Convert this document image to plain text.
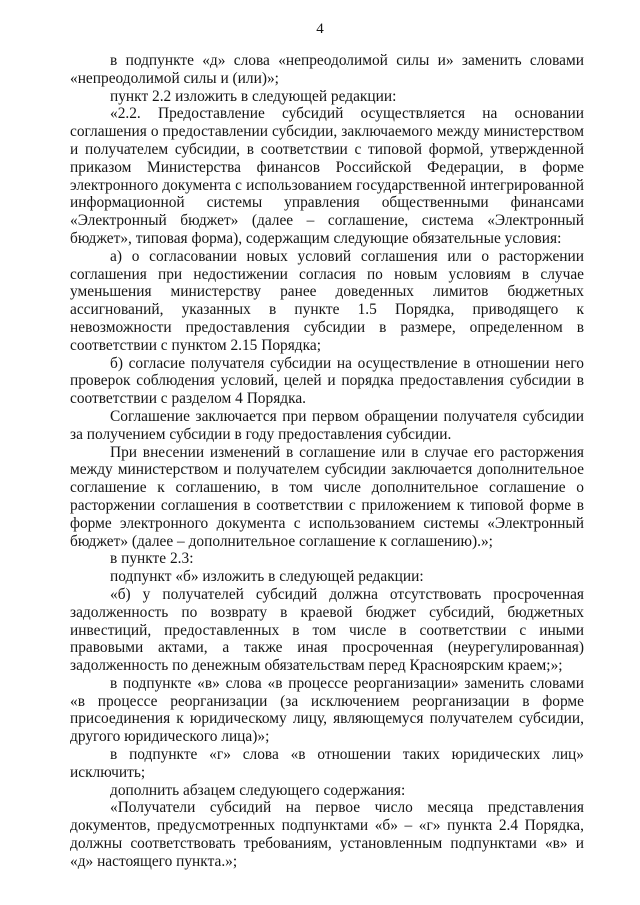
4

в подпункте «д» слова «непреодолимой силы и» заменить словами «непреодолимой силы и (или)»;

пункт 2.2 изложить в следующей редакции:

«2.2. Предоставление субсидий осуществляется на основании соглашения о предоставлении субсидии, заключаемого между министерством и получателем субсидии, в соответствии с типовой формой, утвержденной приказом Министерства финансов Российской Федерации, в форме электронного документа с использованием государственной интегрированной информационной системы управления общественными финансами «Электронный бюджет» (далее – соглашение, система «Электронный бюджет», типовая форма), содержащим следующие обязательные условия:

а) о согласовании новых условий соглашения или о расторжении соглашения при недостижении согласия по новым условиям в случае уменьшения министерству ранее доведенных лимитов бюджетных ассигнований, указанных в пункте 1.5 Порядка, приводящего к невозможности предоставления субсидии в размере, определенном в соответствии с пунктом 2.15 Порядка;

б) согласие получателя субсидии на осуществление в отношении него проверок соблюдения условий, целей и порядка предоставления субсидии в соответствии с разделом 4 Порядка.

Соглашение заключается при первом обращении получателя субсидии за получением субсидии в году предоставления субсидии.

При внесении изменений в соглашение или в случае его расторжения между министерством и получателем субсидии заключается дополнительное соглашение к соглашению, в том числе дополнительное соглашение о расторжении соглашения в соответствии с приложением к типовой форме в форме электронного документа с использованием системы «Электронный бюджет» (далее – дополнительное соглашение к соглашению).»;

в пункте 2.3:

подпункт «б» изложить в следующей редакции:

«б) у получателей субсидий должна отсутствовать просроченная задолженность по возврату в краевой бюджет субсидий, бюджетных инвестиций, предоставленных в том числе в соответствии с иными правовыми актами, а также иная просроченная (неурегулированная) задолженность по денежным обязательствам перед Красноярским краем;»;

в подпункте «в» слова «в процессе реорганизации» заменить словами «в процессе реорганизации (за исключением реорганизации в форме присоединения к юридическому лицу, являющемуся получателем субсидии, другого юридического лица)»;

в подпункте «г» слова «в отношении таких юридических лиц» исключить;

дополнить абзацем следующего содержания:

«Получатели субсидий на первое число месяца представления документов, предусмотренных подпунктами «б» – «г» пункта 2.4 Порядка, должны соответствовать требованиям, установленным подпунктами «в» и «д» настоящего пункта.»;
